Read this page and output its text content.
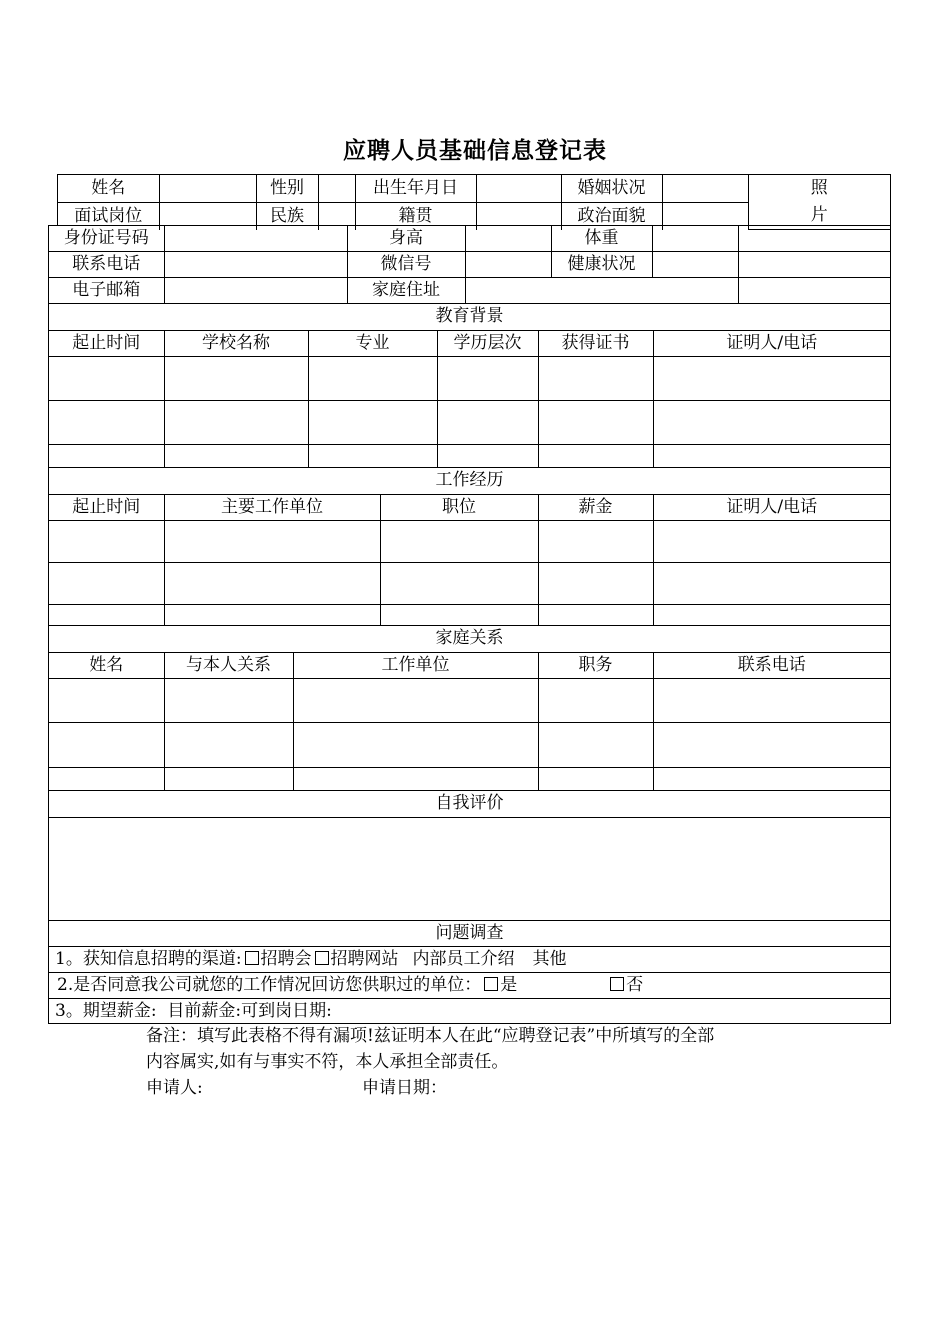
应聘人员基础信息登记表
姓名		性别		出生年月日		婚姻状况		照
片

面试岗位		民族		籍贯		政治面貌		
身份证号码		身高		体重		
联系电话		微信号		健康状况		
电子邮箱		家庭住址				
教育背景					
起止时间	学校名称	专业	学历层次	获得证书	证明人/电话

工作经历				
起止时间	主要工作单位	职位	薪金	证明人/电话

家庭关系				
姓名	与本人关系	工作单位	职务	联系电话

自我评价

问题调查
1。获知信息招聘的渠道: 招聘会 招聘网站 内部员工介绍 其他
2.是否同意我公司就您的工作情况回访您供职过的单位： 是	否
3。期望薪金:  目前薪金:可到岗日期:
备注：填写此表格不得有漏项!兹证明本人在此“应聘登记表”中所填写的全部
内容属实,如有与事实不符，本人承担全部责任。
申请人:	申请日期：
